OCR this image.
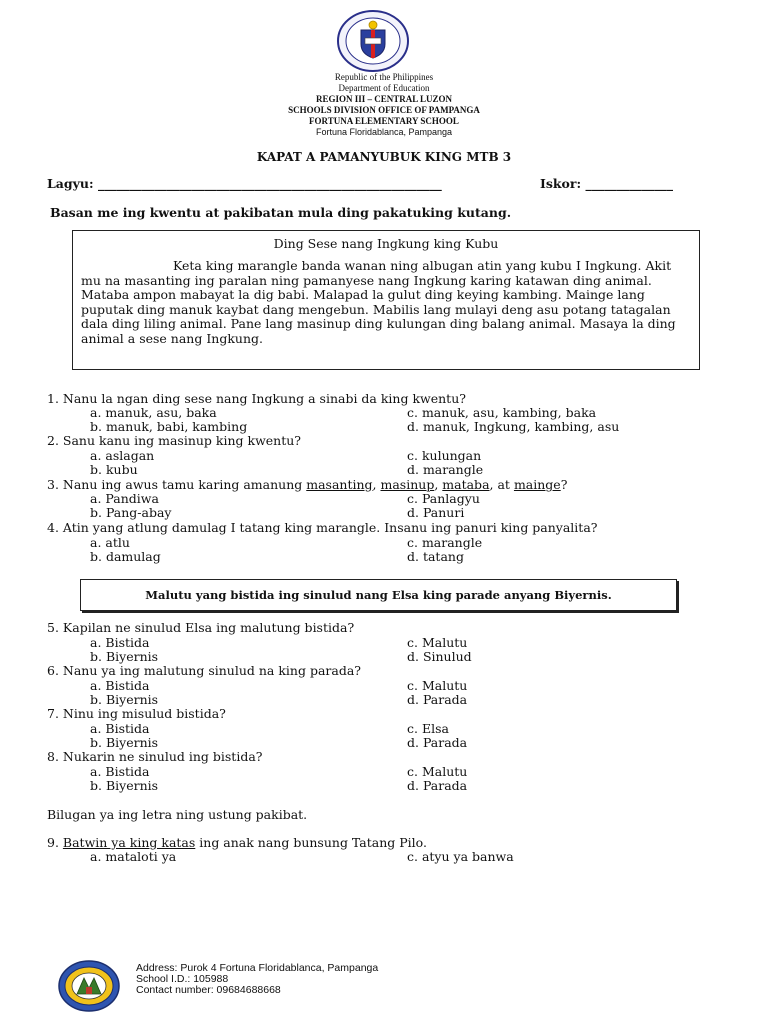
Republic of the Philippines
Department of Education
REGION III – CENTRAL LUZON
SCHOOLS DIVISION OFFICE OF PAMPANGA
FORTUNA ELEMENTARY SCHOOL
Fortuna Floridablanca, Pampanga
KAPAT A PAMANYUBUK KING MTB 3
Lagyu: _______________________________________________________	Iskor: ______________
Basan me ing kwentu at pakibatan mula ding pakatuking kutang.
Ding Sese nang Ingkung king Kubu

Keta king marangle banda wanan ning albugan atin yang kubu I Ingkung. Akit mu na masanting ing paralan ning pamanyese nang Ingkung karing katawan ding animal. Mataba ampon mabayat la dig babi. Malapad la gulut ding keying kambing. Mainge lang puputak ding manuk kaybat dang mengebun. Mabilis lang mulayi deng asu potang tatagalan dala ding liling animal. Pane lang masinup ding kulungan ding balang animal. Masaya la ding animal a sese nang Ingkung.

1. Nanu la ngan ding sese nang Ingkung a sinabi da king kwentu?
a. manuk, asu, baka	c. manuk, asu, kambing, baka
b. manuk, babi, kambing	d. manuk, Ingkung, kambing, asu
2. Sanu kanu ing masinup king kwentu?
a. aslagan	c. kulungan
b. kubu	d. marangle
3. Nanu ing awus tamu karing amanung masanting, masinup, mataba, at mainge?
a. Pandiwa	c. Panlagyu
b. Pang-abay	d. Panuri
4. Atin yang atlung damulag I tatang king marangle. Insanu ing panuri king panyalita?
a. atlu	c. marangle
b. damulag	d. tatang
Malutu yang bistida ing sinulud nang Elsa king parade anyang Biyernis.
5. Kapilan ne sinulud Elsa ing malutung bistida?
a. Bistida	c. Malutu
b. Biyernis	d. Sinulud
6. Nanu ya ing malutung sinulud na king parada?
a. Bistida	c. Malutu
b. Biyernis	d. Parada
7. Ninu ing misulud bistida?
a. Bistida	c. Elsa
b. Biyernis	d. Parada
8. Nukarin ne sinulud ing bistida?
a. Bistida	c. Malutu
b. Biyernis	d. Parada
Bilugan ya ing letra ning ustung pakibat.
9. Batwin ya king katas ing anak nang bunsung Tatang Pilo.
a. mataloti ya	c. atyu ya banwa
Address: Purok 4 Fortuna Floridablanca, Pampanga
School I.D.: 105988
Contact number: 09684688668
